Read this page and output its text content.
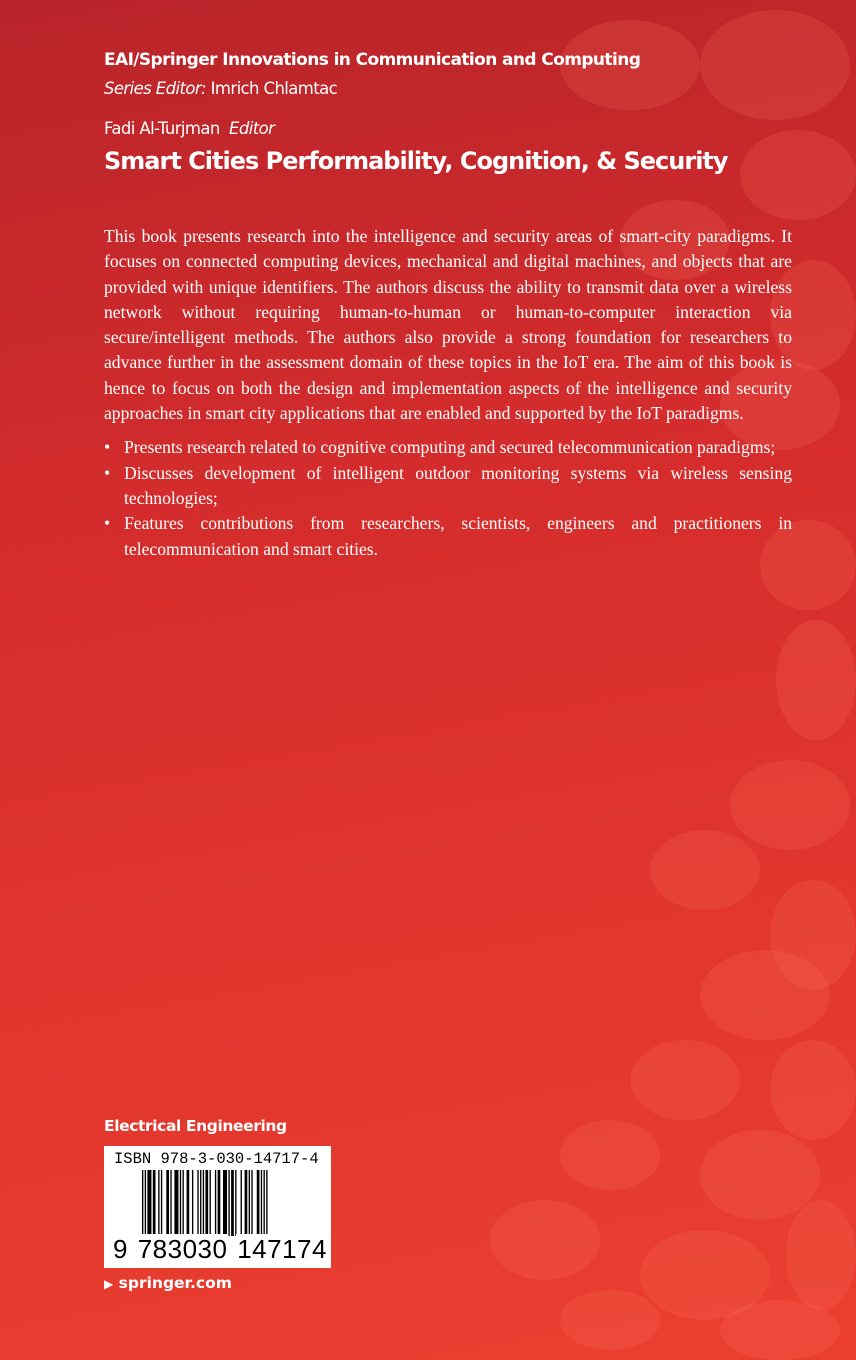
EAI/Springer Innovations in Communication and Computing
Series Editor: Imrich Chlamtac
Fadi Al-Turjman Editor
Smart Cities Performability, Cognition, & Security

This book presents research into the intelligence and security areas of smart-city paradigms. It focuses on connected computing devices, mechanical and digital machines, and objects that are provided with unique identifiers. The authors discuss the ability to transmit data over a wireless network without requiring human-to-human or human-to-computer interaction via secure/intelligent methods. The authors also provide a strong foundation for researchers to advance further in the assessment domain of these topics in the IoT era. The aim of this book is hence to focus on both the design and implementation aspects of the intelligence and security approaches in smart city applications that are enabled and supported by the IoT paradigms.

• Presents research related to cognitive computing and secured telecommunication paradigms;
• Discusses development of intelligent outdoor monitoring systems via wireless sensing technologies;
• Features contributions from researchers, scientists, engineers and practitioners in telecommunication and smart cities.
Electrical Engineering
ISBN 978-3-030-14717-4
9 783030 147174
▶ springer.com
